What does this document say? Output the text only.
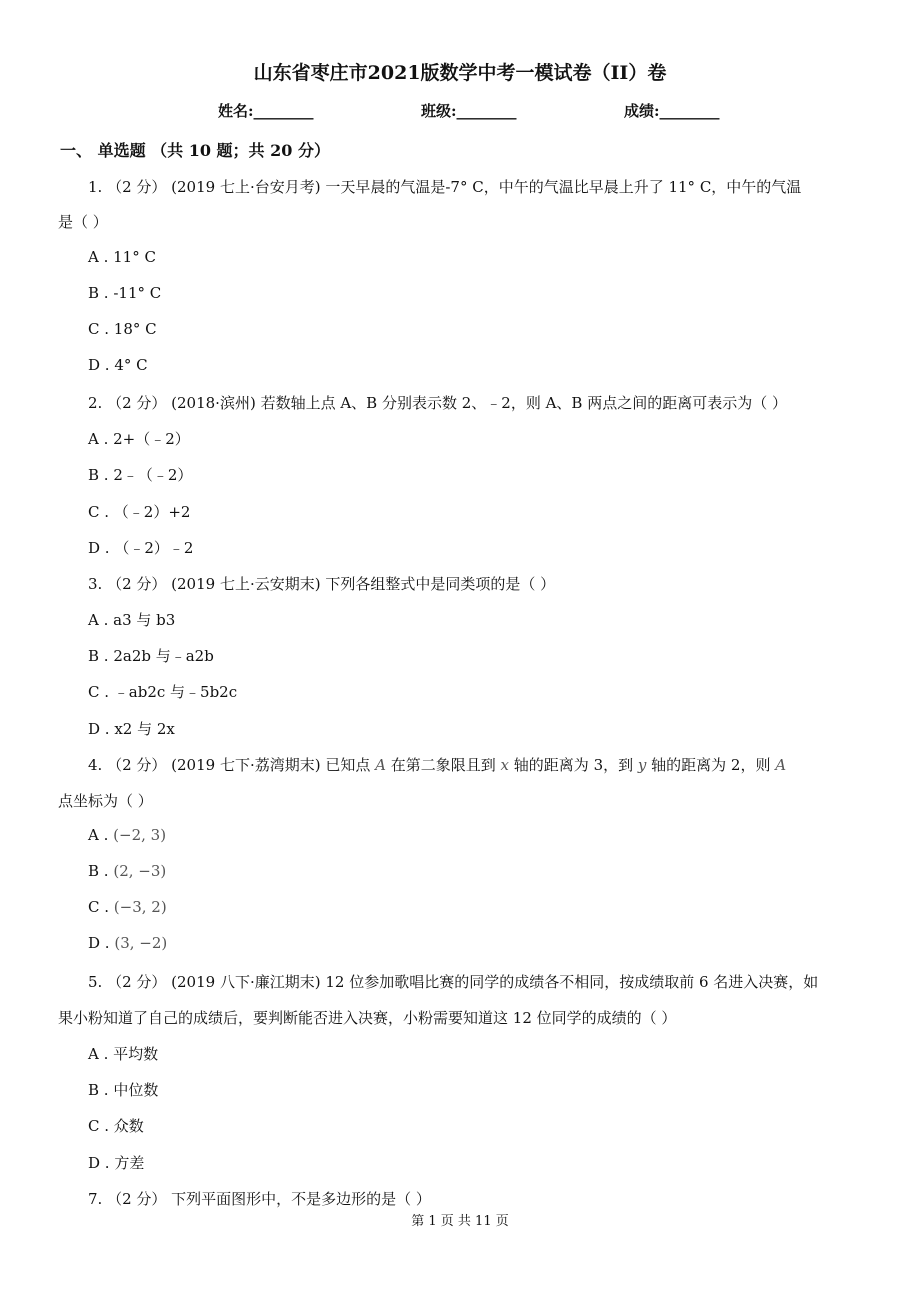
山东省枣庄市2021版数学中考一模试卷（II）卷
姓名:________	班级:________	成绩:________
一、 单选题 （共 10 题；共 20 分）
1. （2 分） (2019 七上·台安月考) 一天早晨的气温是-7° C，中午的气温比早晨上升了 11° C，中午的气温
是（ ）
A . 11° C
B . -11° C
C . 18° C
D . 4° C
2. （2 分） (2018·滨州) 若数轴上点 A、B 分别表示数 2、﹣2，则 A、B 两点之间的距离可表示为（ ）
A . 2+（﹣2）
B . 2﹣（﹣2）
C . （﹣2）+2
D . （﹣2）﹣2
3. （2 分） (2019 七上·云安期末) 下列各组整式中是同类项的是（ ）
A . a3 与 b3
B . 2a2b 与﹣a2b
C . ﹣ab2c 与﹣5b2c
D . x2 与 2x
4. （2 分） (2019 七下·荔湾期末) 已知点 A 在第二象限且到 x 轴的距离为 3，到 y 轴的距离为 2，则 A
点坐标为（ ）
A . (−2, 3)
B . (2, −3)
C . (−3, 2)
D . (3, −2)
5. （2 分） (2019 八下·廉江期末) 12 位参加歌唱比赛的同学的成绩各不相同，按成绩取前 6 名进入决赛，如
果小粉知道了自己的成绩后，要判断能否进入决赛，小粉需要知道这 12 位同学的成绩的（ ）
A . 平均数
B . 中位数
C . 众数
D . 方差
7. （2 分） 下列平面图形中，不是多边形的是（ ）
第 1 页 共 11 页
